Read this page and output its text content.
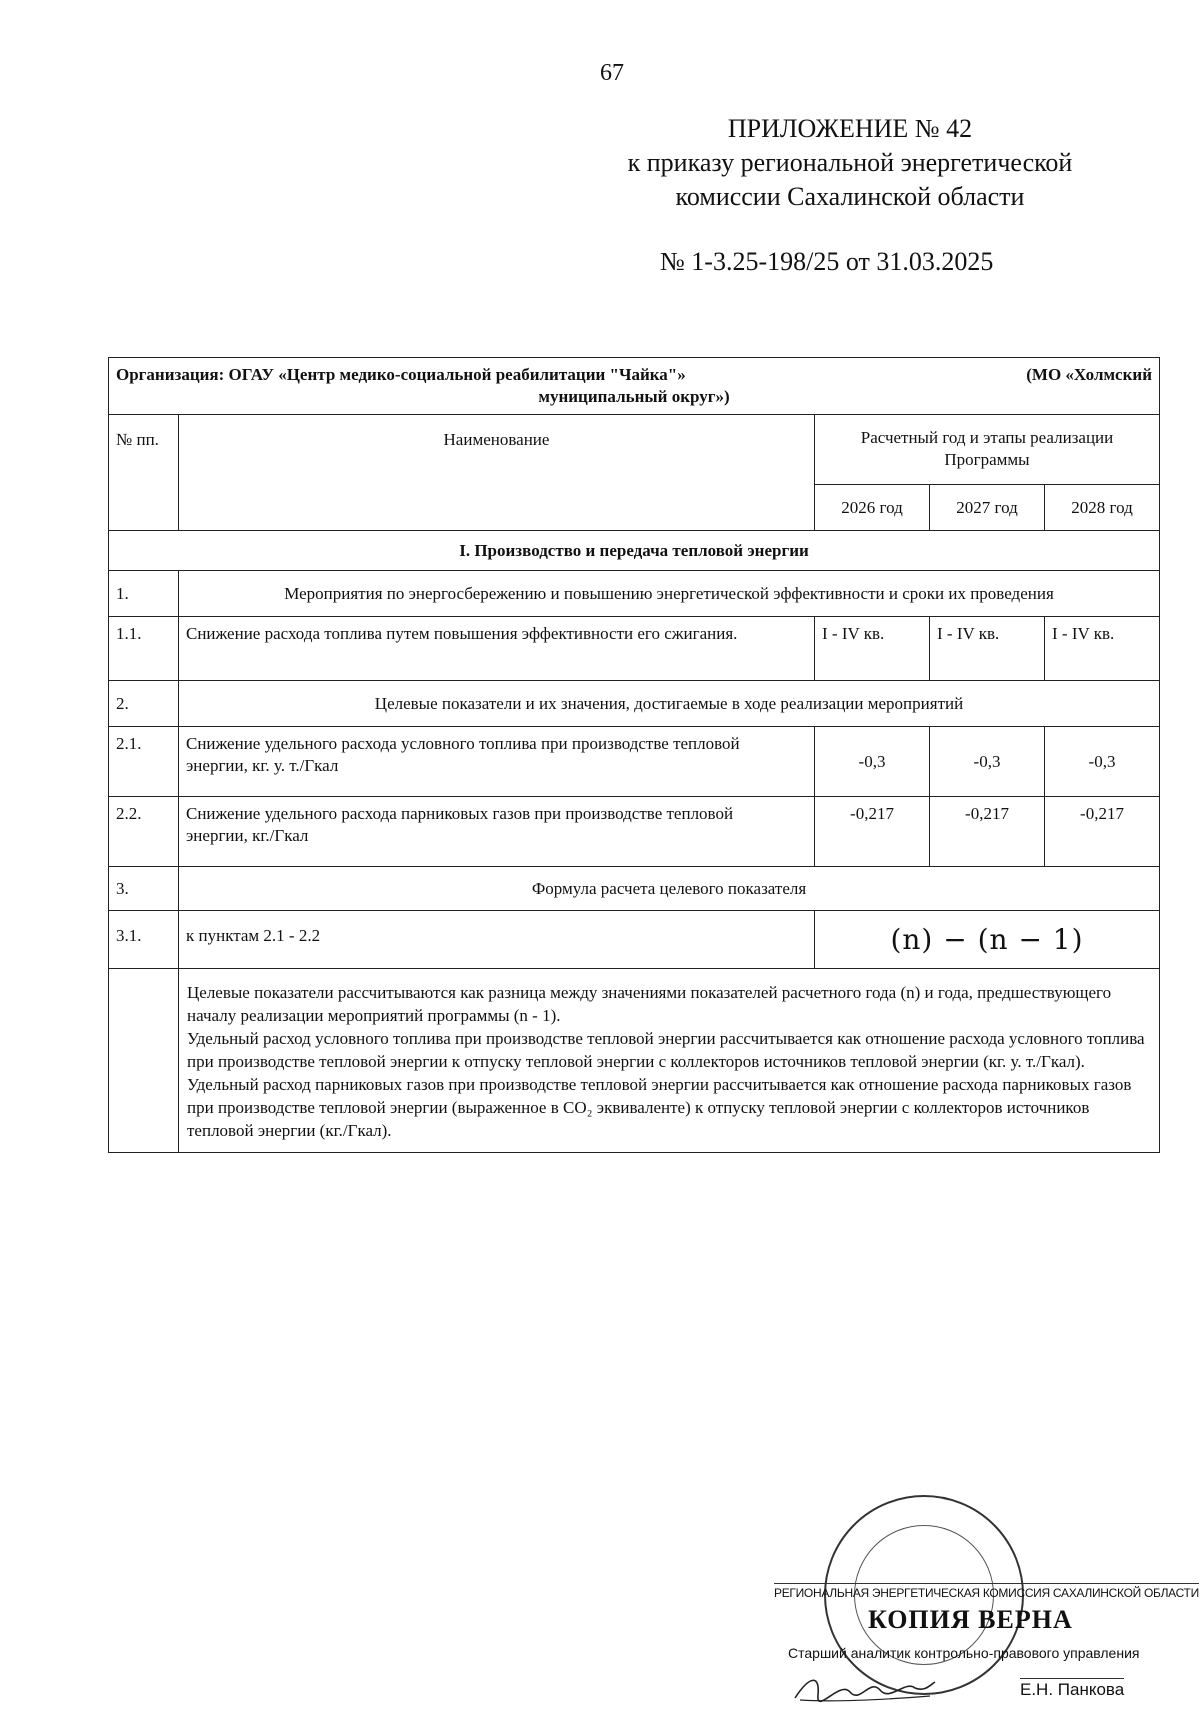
67
ПРИЛОЖЕНИЕ № 42
к приказу региональной энергетической
комиссии Сахалинской области
№ 1-3.25-198/25 от 31.03.2025
Организация: ОГАУ «Центр медико-социальной реабилитации "Чайка"» (МО «Холмский
муниципальный округ»)				

№ пп.	Наименование	Расчетный год и этапы реализации Программы		
		2026 год	2027 год	2028 год
I. Производство и передача тепловой энергии				
1.	Мероприятия по энергосбережению и повышению энергетической эффективности и сроки их проведения			
1.1.	Снижение расхода топлива путем повышения эффективности его сжигания.	I - IV кв.	I - IV кв.	I - IV кв.
2.	Целевые показатели и их значения, достигаемые в ходе реализации мероприятий			
2.1.	Снижение удельного расхода условного топлива при производстве тепловой энергии, кг. у. т./Гкал	-0,3	-0,3	-0,3
2.2.	Снижение удельного расхода парниковых газов при производстве тепловой энергии, кг./Гкал	-0,217	-0,217	-0,217
3.	Формула расчета целевого показателя			
3.1.	к пунктам 2.1 - 2.2	(n) − (n − 1)		

	Целевые показатели рассчитываются как разница между значениями показателей расчетного года (n) и года, предшествующего началу реализации мероприятий программы (n - 1).
Удельный расход условного топлива при производстве тепловой энергии рассчитывается как отношение расхода условного топлива при производстве тепловой энергии к отпуску тепловой энергии с коллекторов источников тепловой энергии (кг. у. т./Гкал).
Удельный расход парниковых газов при производстве тепловой энергии рассчитывается как отношение расхода парниковых газов при производстве тепловой энергии (выраженное в CO₂ эквиваленте) к отпуску тепловой энергии с коллекторов источников тепловой энергии (кг./Гкал).			
РЕГИОНАЛЬНАЯ ЭНЕРГЕТИЧЕСКАЯ КОМИССИЯ САХАЛИНСКОЙ ОБЛАСТИ
КОПИЯ ВЕРНА
Старший аналитик контрольно-правового управления
Е.Н. Панкова
